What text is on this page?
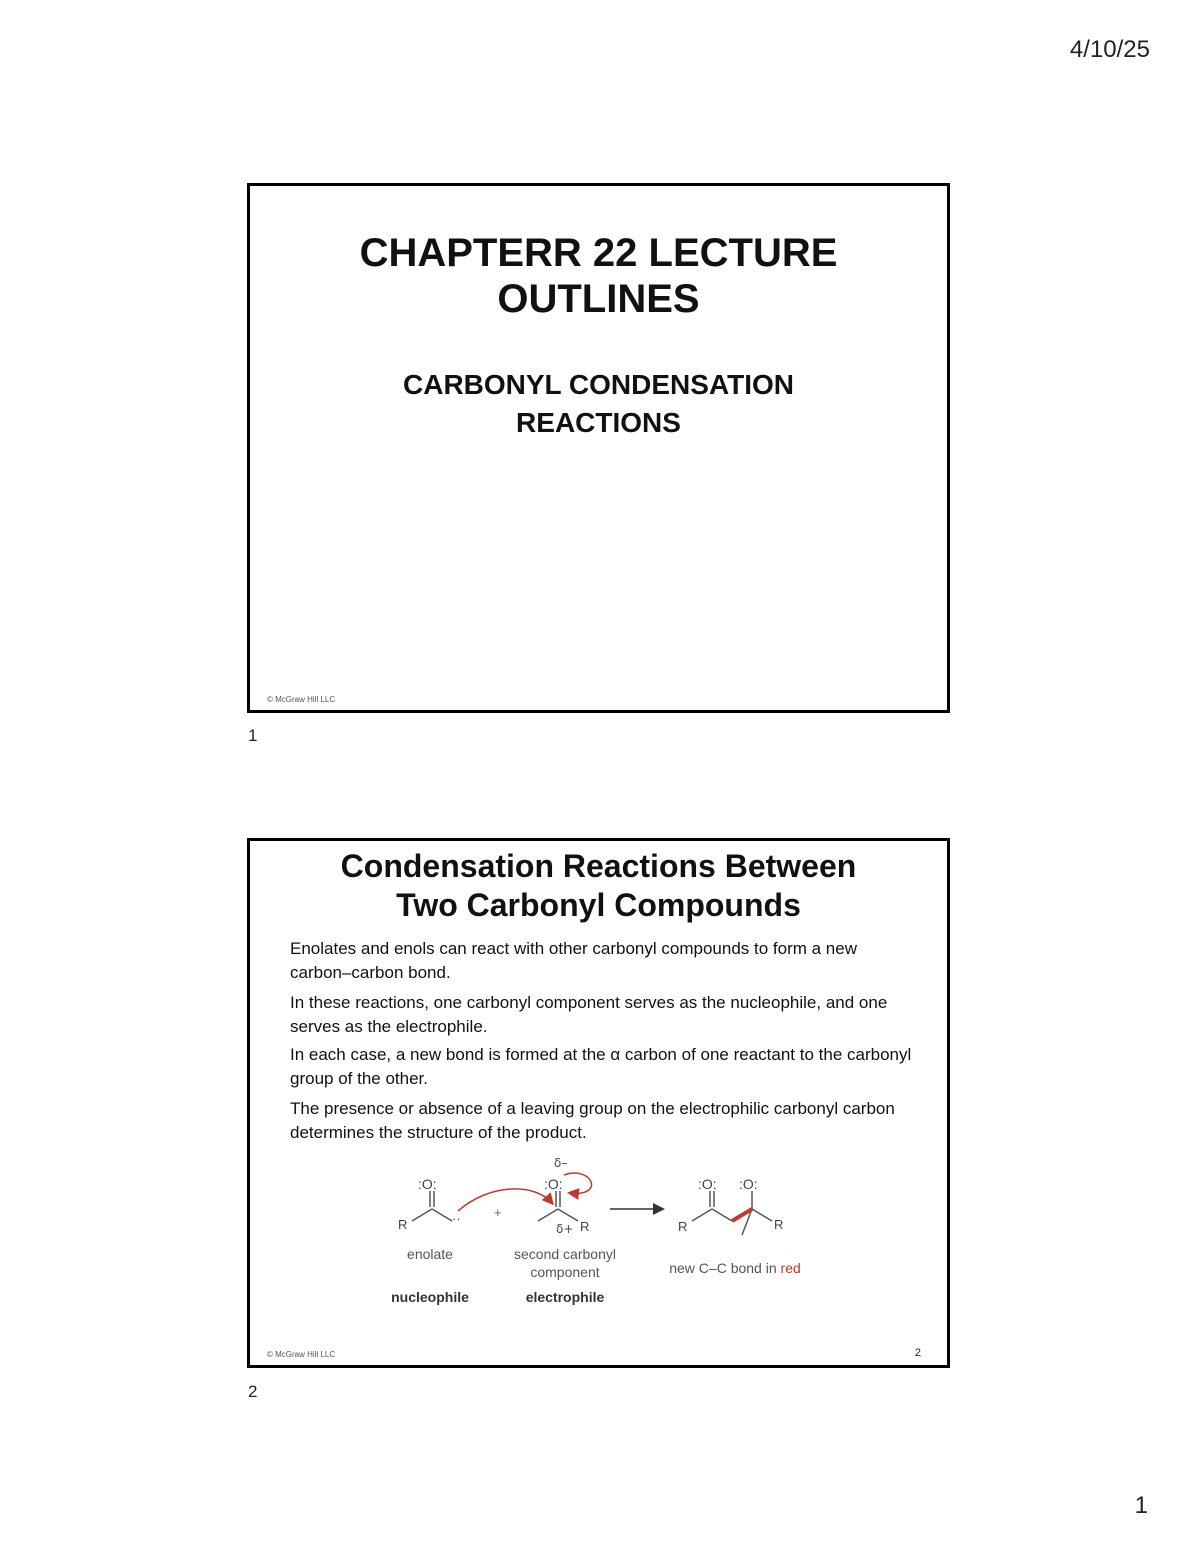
4/10/25
CHAPTERR 22 LECTURE
OUTLINES
CARBONYL CONDENSATION
REACTIONS
© McGraw Hill LLC
1
Condensation Reactions Between
Two Carbonyl Compounds

Enolates and enols can react with other carbonyl compounds to form a new carbon–carbon bond.

In these reactions, one carbonyl component serves as the nucleophile, and one serves as the electrophile.

In each case, a new bond is formed at the α carbon of one reactant to the carbonyl group of the other.

The presence or absence of a leaving group on the electrophilic carbonyl carbon determines the structure of the product.

:O:
R	··	+
:O:
δ–
δ+ R
:O: :O:
R	R
enolate	second carbonyl
component	new C–C bond in red
nucleophile	electrophile
© McGraw Hill LLC	2
2
1
